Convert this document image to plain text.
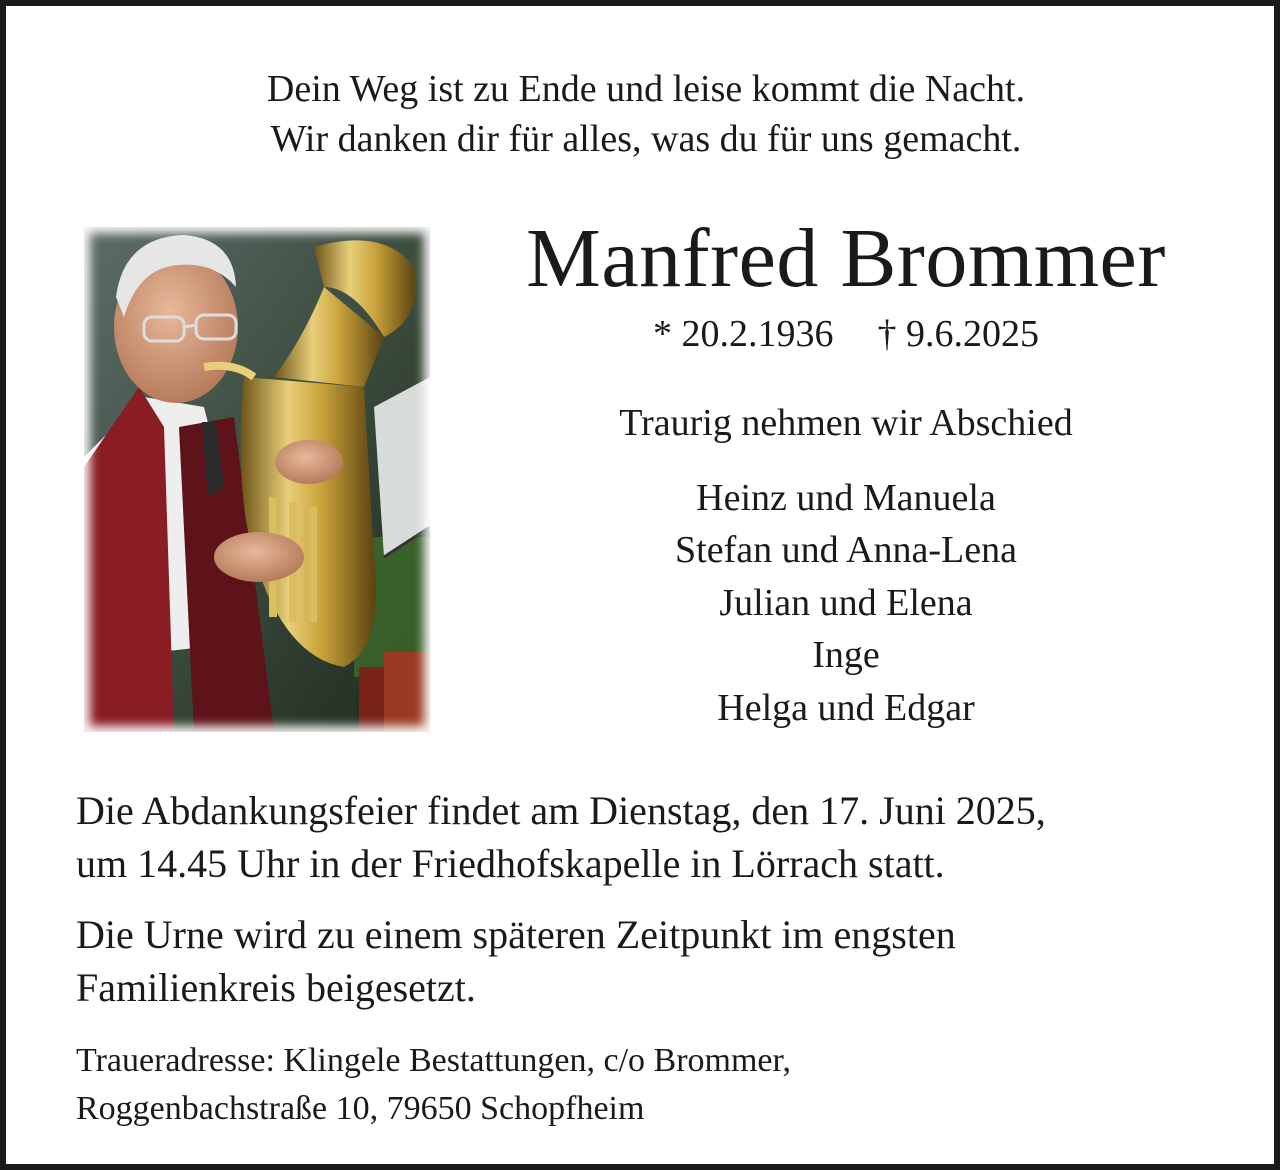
Dein Weg ist zu Ende und leise kommt die Nacht.
Wir danken dir für alles, was du für uns gemacht.
Manfred Brommer
* 20.2.1936 † 9.6.2025
Traurig nehmen wir Abschied
Heinz und Manuela
Stefan und Anna-Lena
Julian und Elena
Inge
Helga und Edgar
Die Abdankungsfeier findet am Dienstag, den 17. Juni 2025,
um 14.45 Uhr in der Friedhofskapelle in Lörrach statt.
Die Urne wird zu einem späteren Zeitpunkt im engsten
Familienkreis beigesetzt.
Traueradresse: Klingele Bestattungen, c/o Brommer,
Roggenbachstraße 10, 79650 Schopfheim
